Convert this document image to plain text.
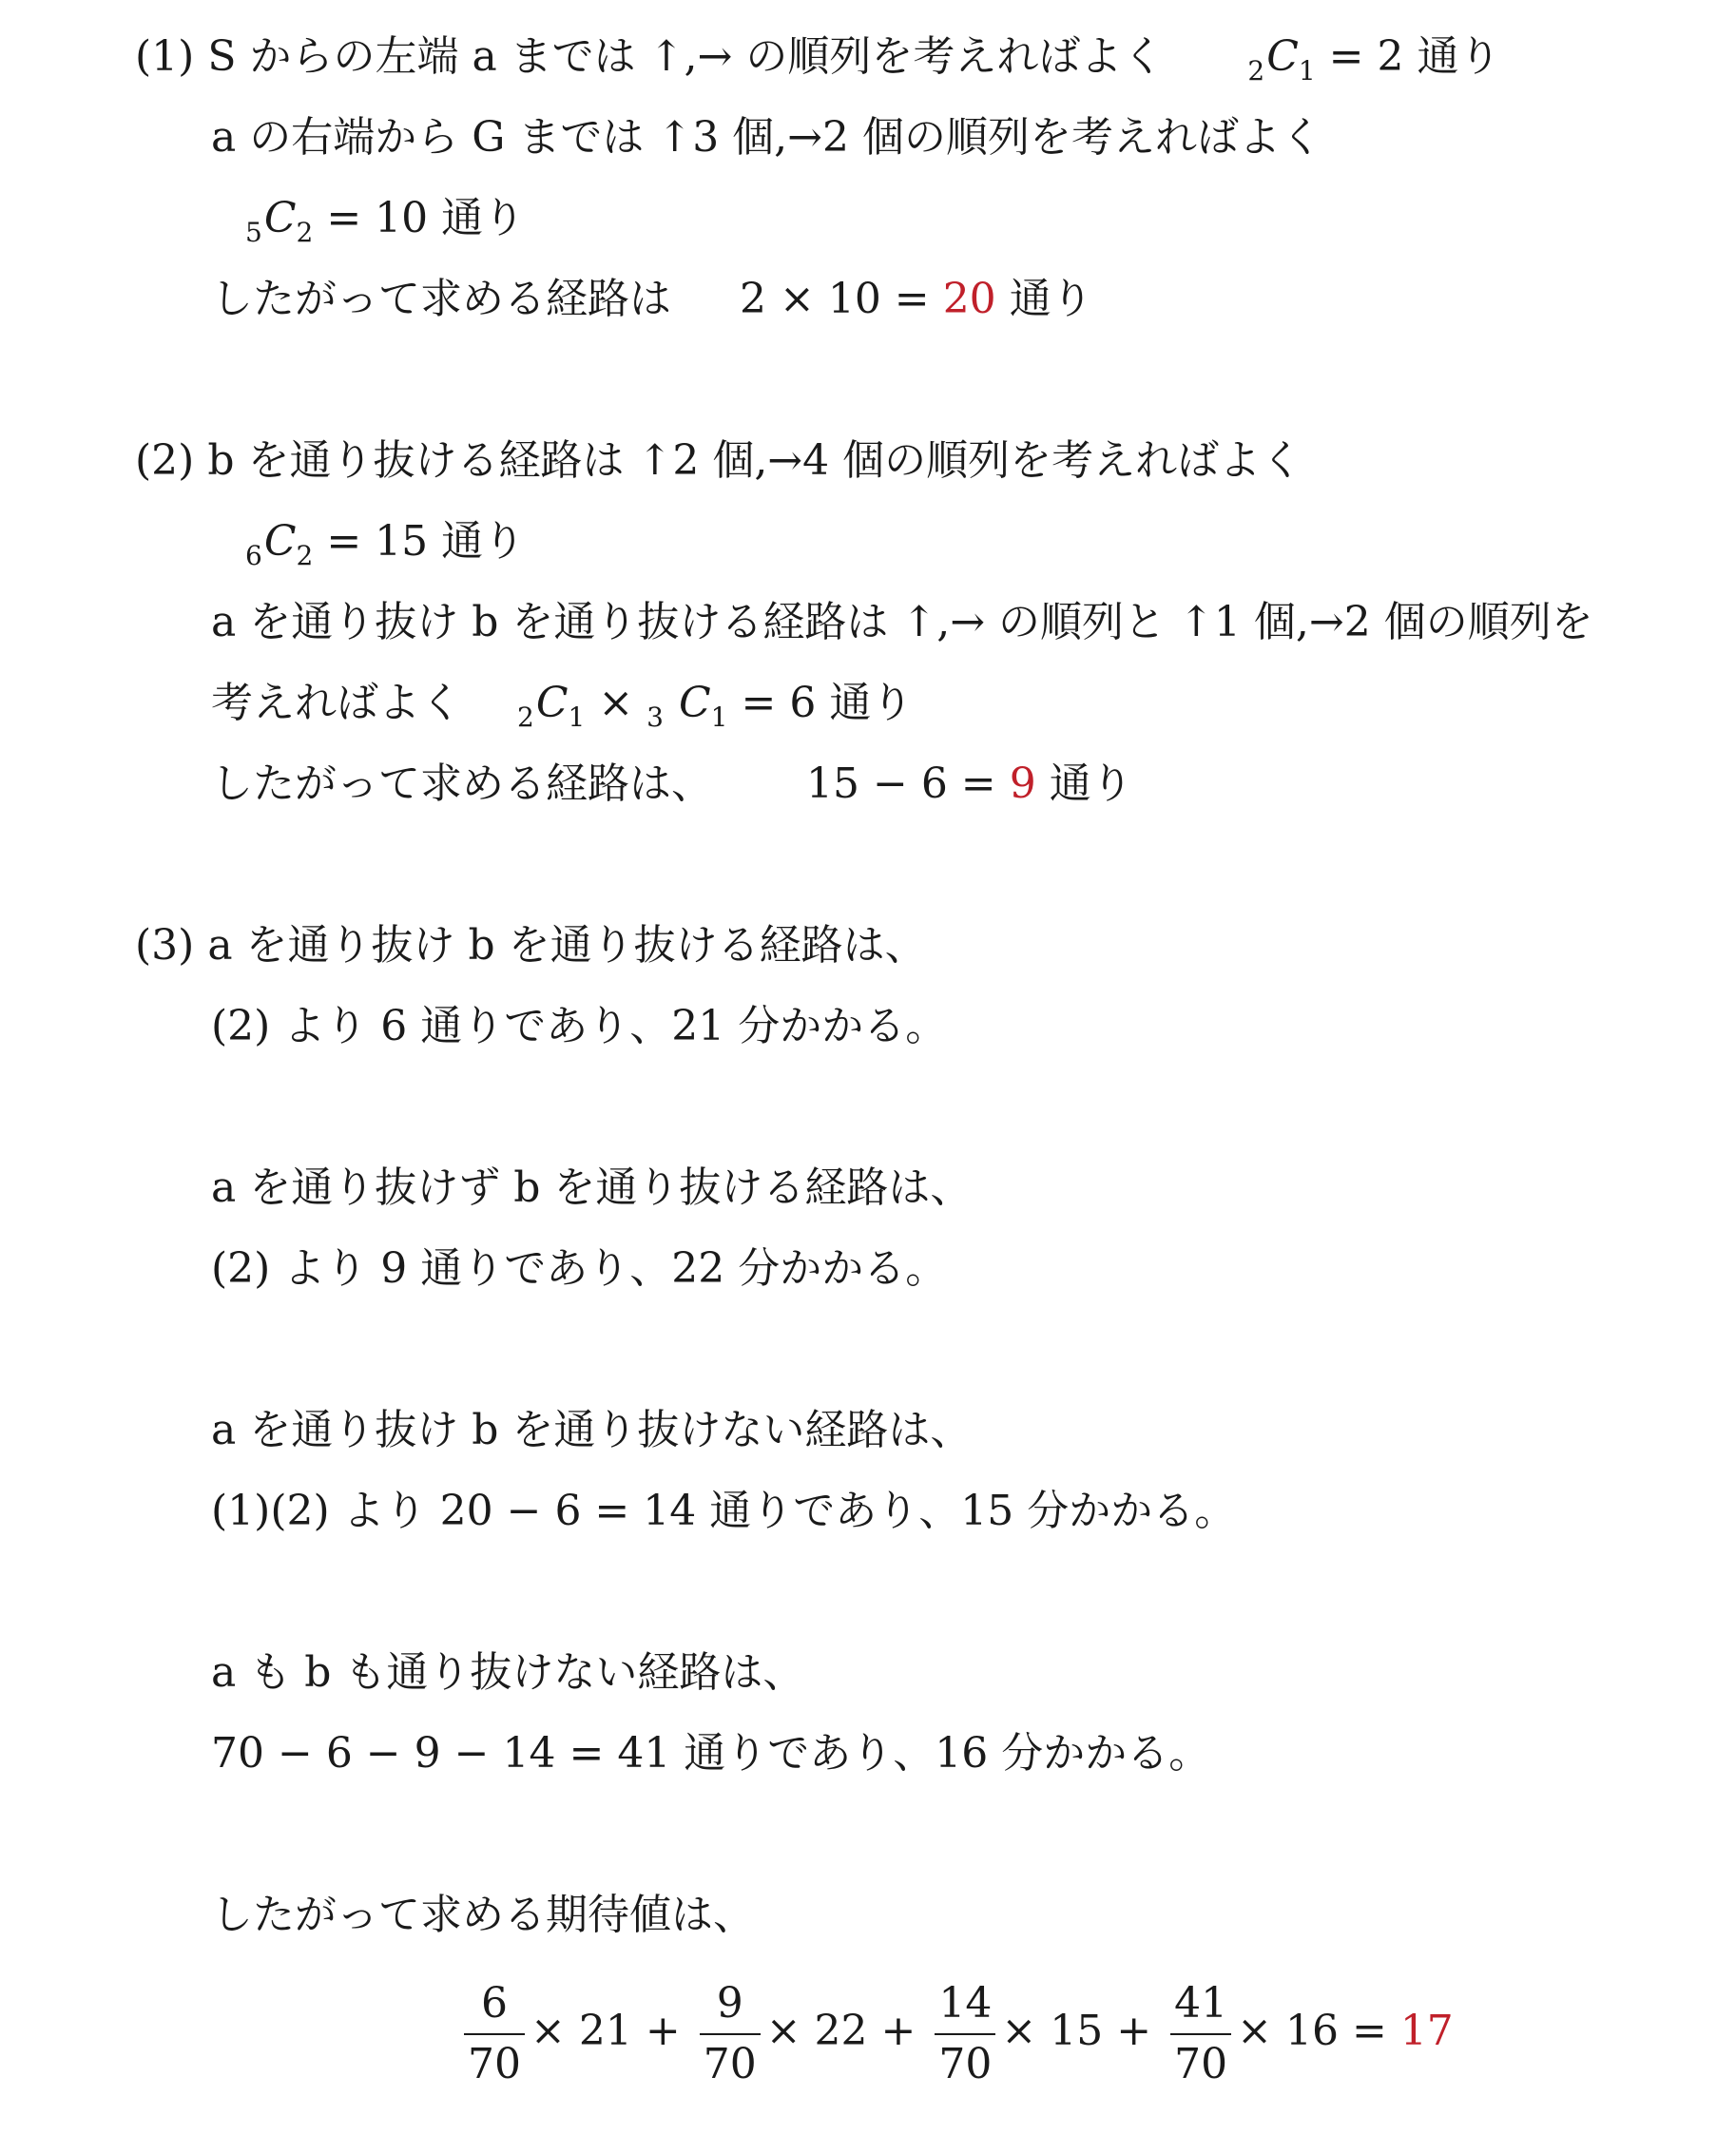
(1) S からの左端 a までは ↑,→ の順列を考えればよく	$_2C_1 = 2$ 通り
a の右端から G までは ↑3 個,→2 個の順列を考えればよく
$_5C_2 = 10$ 通り
したがって求める経路は 2 × 10 = 20 通り
(2) b を通り抜ける経路は ↑2 個,→4 個の順列を考えればよく
$_6C_2 = 15$ 通り
a を通り抜け b を通り抜ける経路は ↑,→ の順列と ↑1 個,→2 個の順列を
考えればよく $_2C_1 \times _3$ $C_1 = 6$ 通り
したがって求める経路は、 15 − 6 = 9 通り
(3) a を通り抜け b を通り抜ける経路は、
(2) より 6 通りであり、21 分かかる。
a を通り抜けず b を通り抜ける経路は、
(2) より 9 通りであり、22 分かかる。
a を通り抜け b を通り抜けない経路は、
(1)(2) より 20 − 6 = 14 通りであり、15 分かかる。
a も b も通り抜けない経路は、
70 − 6 − 9 − 14 = 41 通りであり、16 分かかる。
したがって求める期待値は、
$\frac{6}{70} \times 21 + \frac{9}{70} \times 22 + \frac{14}{70} \times 15 + \frac{41}{70} \times 16 = 17$
